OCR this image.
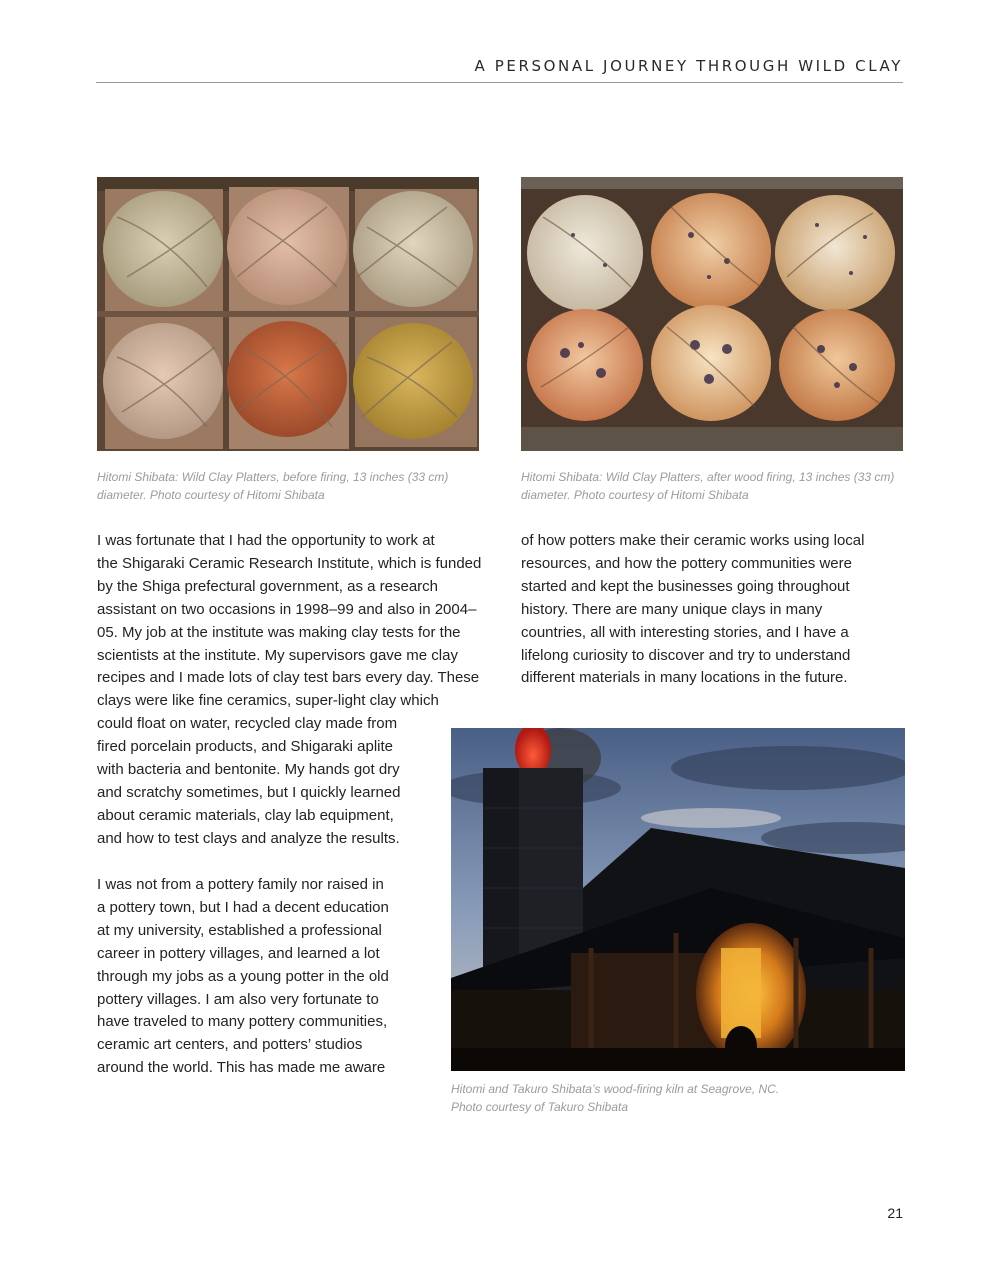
A PERSONAL JOURNEY THROUGH WILD CLAY
Hitomi Shibata: Wild Clay Platters, before firing, 13 inches (33 cm)
diameter. Photo courtesy of Hitomi Shibata
Hitomi Shibata: Wild Clay Platters, after wood firing, 13 inches (33 cm)
diameter. Photo courtesy of Hitomi Shibata
I was fortunate that I had the opportunity to work at
the Shigaraki Ceramic Research Institute, which is funded
by the Shiga prefectural government, as a research
assistant on two occasions in 1998–99 and also in 2004–
05. My job at the institute was making clay tests for the
scientists at the institute. My supervisors gave me clay
recipes and I made lots of clay test bars every day. These
clays were like fine ceramics, super-light clay which
could float on water, recycled clay made from
fired porcelain products, and Shigaraki aplite
with bacteria and bentonite. My hands got dry
and scratchy sometimes, but I quickly learned
about ceramic materials, clay lab equipment,
and how to test clays and analyze the results.
I was not from a pottery family nor raised in
a pottery town, but I had a decent education
at my university, established a professional
career in pottery villages, and learned a lot
through my jobs as a young potter in the old
pottery villages. I am also very fortunate to
have traveled to many pottery communities,
ceramic art centers, and potters’ studios
around the world. This has made me aware
of how potters make their ceramic works using local
resources, and how the pottery communities were
started and kept the businesses going throughout
history. There are many unique clays in many
countries, all with interesting stories, and I have a
lifelong curiosity to discover and try to understand
different materials in many locations in the future.
Hitomi and Takuro Shibata’s wood-firing kiln at Seagrove, NC.
Photo courtesy of Takuro Shibata
21
